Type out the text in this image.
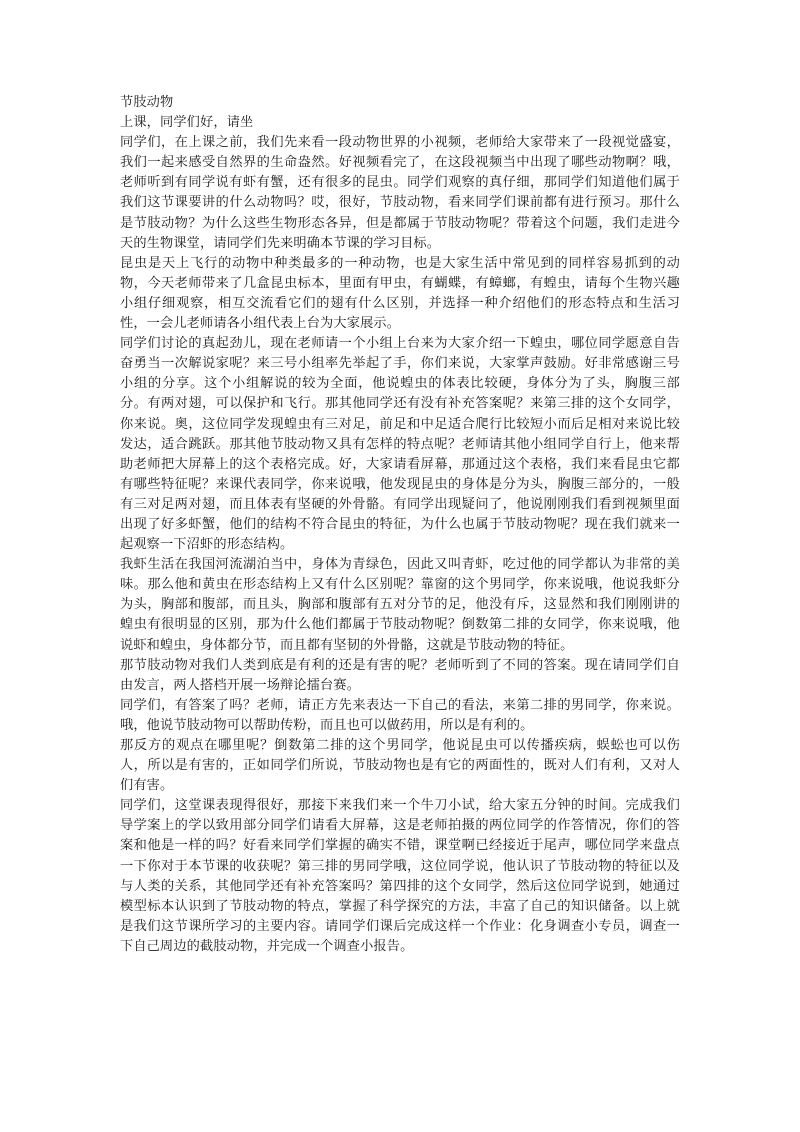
节肢动物

上课，同学们好，请坐

同学们，在上课之前，我们先来看一段动物世界的小视频，老师给大家带来了一段视觉盛宴，我们一起来感受自然界的生命盎然。好视频看完了，在这段视频当中出现了哪些动物啊？哦，老师听到有同学说有虾有蟹，还有很多的昆虫。同学们观察的真仔细，那同学们知道他们属于我们这节课要讲的什么动物吗？哎，很好，节肢动物，看来同学们课前都有进行预习。那什么是节肢动物？为什么这些生物形态各异，但是都属于节肢动物呢？带着这个问题，我们走进今天的生物课堂，请同学们先来明确本节课的学习目标。

昆虫是天上飞行的动物中种类最多的一种动物，也是大家生活中常见到的同样容易抓到的动物，今天老师带来了几盒昆虫标本，里面有甲虫，有蝴蝶，有蟑螂，有蝗虫，请每个生物兴趣小组仔细观察，相互交流看它们的翅有什么区别，并选择一种介绍他们的形态特点和生活习性，一会儿老师请各小组代表上台为大家展示。

同学们讨论的真起劲儿，现在老师请一个小组上台来为大家介绍一下蝗虫，哪位同学愿意自告奋勇当一次解说家呢？来三号小组率先举起了手，你们来说，大家掌声鼓励。好非常感谢三号小组的分享。这个小组解说的较为全面，他说蝗虫的体表比较硬，身体分为了头，胸腹三部分。有两对翅，可以保护和飞行。那其他同学还有没有补充答案呢？来第三排的这个女同学，你来说。奥，这位同学发现蝗虫有三对足，前足和中足适合爬行比较短小而后足相对来说比较发达，适合跳跃。那其他节肢动物又具有怎样的特点呢？老师请其他小组同学自行上，他来帮助老师把大屏幕上的这个表格完成。好，大家请看屏幕，那通过这个表格，我们来看昆虫它都有哪些特征呢？来课代表同学，你来说哦，他发现昆虫的身体是分为头，胸腹三部分的，一般有三对足两对翅，而且体表有坚硬的外骨骼。有同学出现疑问了，他说刚刚我们看到视频里面出现了好多虾蟹，他们的结构不符合昆虫的特征，为什么也属于节肢动物呢？现在我们就来一起观察一下沼虾的形态结构。

我虾生活在我国河流湖泊当中，身体为青绿色，因此又叫青虾，吃过他的同学都认为非常的美味。那么他和黄虫在形态结构上又有什么区别呢？靠窗的这个男同学，你来说哦，他说我虾分为头，胸部和腹部，而且头，胸部和腹部有五对分节的足，他没有斥，这显然和我们刚刚讲的蝗虫有很明显的区别，那为什么他们都属于节肢动物呢？倒数第二排的女同学，你来说哦，他说虾和蝗虫，身体都分节，而且都有坚韧的外骨骼，这就是节肢动物的特征。

那节肢动物对我们人类到底是有利的还是有害的呢？老师听到了不同的答案。现在请同学们自由发言，两人搭档开展一场辩论擂台赛。

同学们，有答案了吗？老师，请正方先来表达一下自己的看法，来第二排的男同学，你来说。哦，他说节肢动物可以帮助传粉，而且也可以做药用，所以是有利的。

那反方的观点在哪里呢？倒数第二排的这个男同学，他说昆虫可以传播疾病，蜈蚣也可以伤人，所以是有害的，正如同学们所说，节肢动物也是有它的两面性的，既对人们有利，又对人们有害。

同学们，这堂课表现得很好，那接下来我们来一个牛刀小试，给大家五分钟的时间。完成我们导学案上的学以致用部分同学们请看大屏幕，这是老师拍摄的两位同学的作答情况，你们的答案和他是一样的吗？好看来同学们掌握的确实不错，课堂啊已经接近于尾声，哪位同学来盘点一下你对于本节课的收获呢？第三排的男同学哦，这位同学说，他认识了节肢动物的特征以及与人类的关系，其他同学还有补充答案吗？第四排的这个女同学，然后这位同学说到，她通过模型标本认识到了节肢动物的特点，掌握了科学探究的方法，丰富了自己的知识储备。以上就是我们这节课所学习的主要内容。请同学们课后完成这样一个作业：化身调查小专员，调查一下自己周边的截肢动物，并完成一个调查小报告。
